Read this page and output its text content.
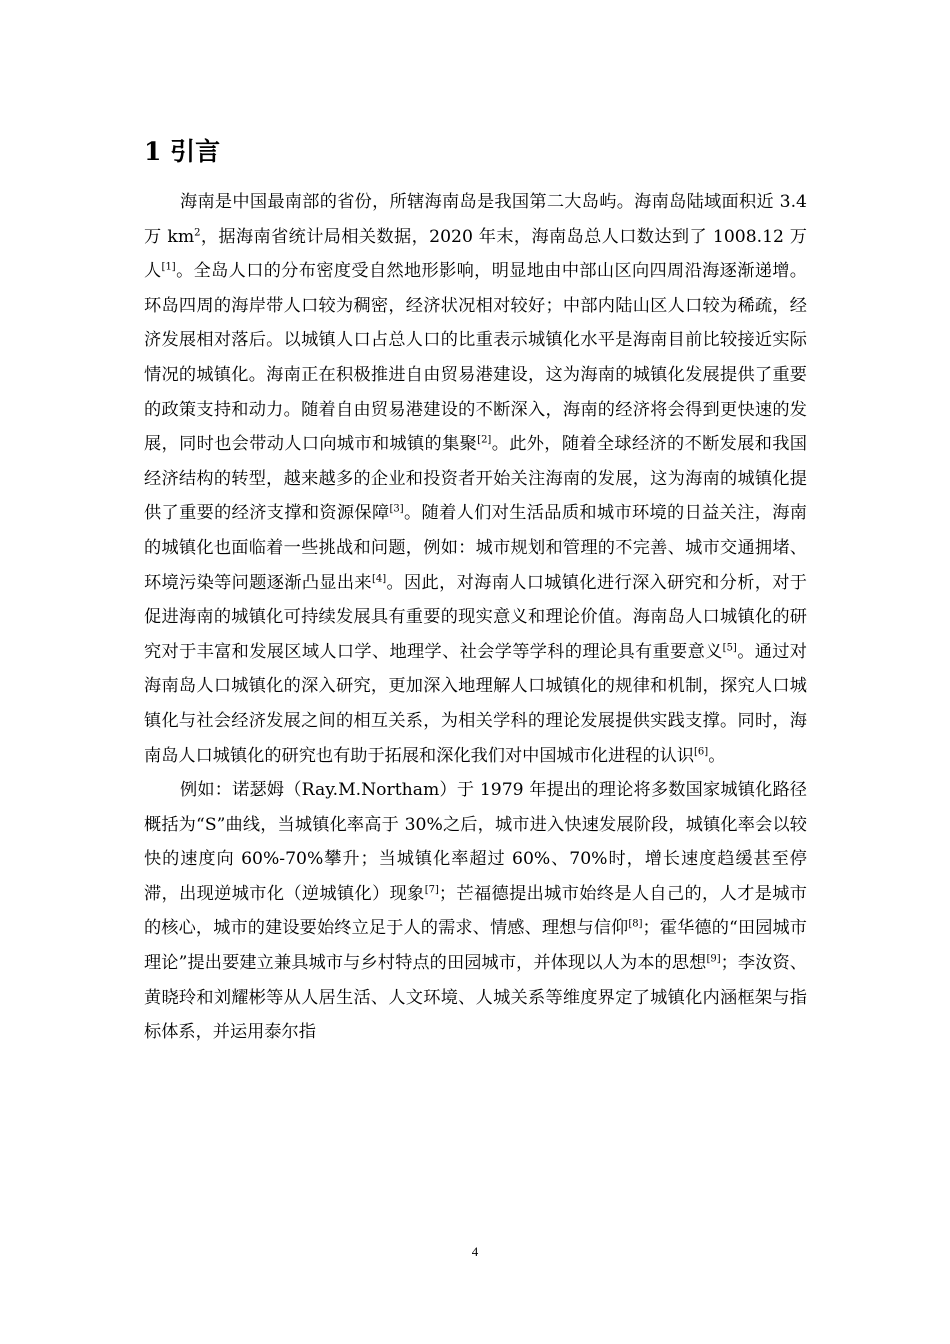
1 引言

海南是中国最南部的省份，所辖海南岛是我国第二大岛屿。海南岛陆域面积近 3.4 万 $km^2$，据海南省统计局相关数据，2020 年末，海南岛总人口数达到了 1008.12 万人[1]。全岛人口的分布密度受自然地形影响，明显地由中部山区向四周沿海逐渐递增。环岛四周的海岸带人口较为稠密，经济状况相对较好；中部内陆山区人口较为稀疏，经济发展相对落后。以城镇人口占总人口的比重表示城镇化水平是海南目前比较接近实际情况的城镇化。海南正在积极推进自由贸易港建设，这为海南的城镇化发展提供了重要的政策支持和动力。随着自由贸易港建设的不断深入，海南的经济将会得到更快速的发展，同时也会带动人口向城市和城镇的集聚[2]。此外，随着全球经济的不断发展和我国经济结构的转型，越来越多的企业和投资者开始关注海南的发展，这为海南的城镇化提供了重要的经济支撑和资源保障[3]。随着人们对生活品质和城市环境的日益关注，海南的城镇化也面临着一些挑战和问题，例如：城市规划和管理的不完善、城市交通拥堵、环境污染等问题逐渐凸显出来[4]。因此，对海南人口城镇化进行深入研究和分析，对于促进海南的城镇化可持续发展具有重要的现实意义和理论价值。海南岛人口城镇化的研究对于丰富和发展区域人口学、地理学、社会学等学科的理论具有重要意义[5]。通过对海南岛人口城镇化的深入研究，更加深入地理解人口城镇化的规律和机制，探究人口城镇化与社会经济发展之间的相互关系，为相关学科的理论发展提供实践支撑。同时，海南岛人口城镇化的研究也有助于拓展和深化我们对中国城市化进程的认识[6]。

例如：诺瑟姆（Ray.M.Northam）于 1979 年提出的理论将多数国家城镇化路径概括为“S”曲线，当城镇化率高于 30%之后，城市进入快速发展阶段，城镇化率会以较快的速度向 60%-70%攀升；当城镇化率超过 60%、70%时，增长速度趋缓甚至停滞，出现逆城市化（逆城镇化）现象[7]；芒福德提出城市始终是人自己的，人才是城市的核心，城市的建设要始终立足于人的需求、情感、理想与信仰[8]；霍华德的“田园城市理论”提出要建立兼具城市与乡村特点的田园城市，并体现以人为本的思想[9]；李汝资、黄晓玲和刘耀彬等从人居生活、人文环境、人城关系等维度界定了城镇化内涵框架与指标体系，并运用泰尔指

4
